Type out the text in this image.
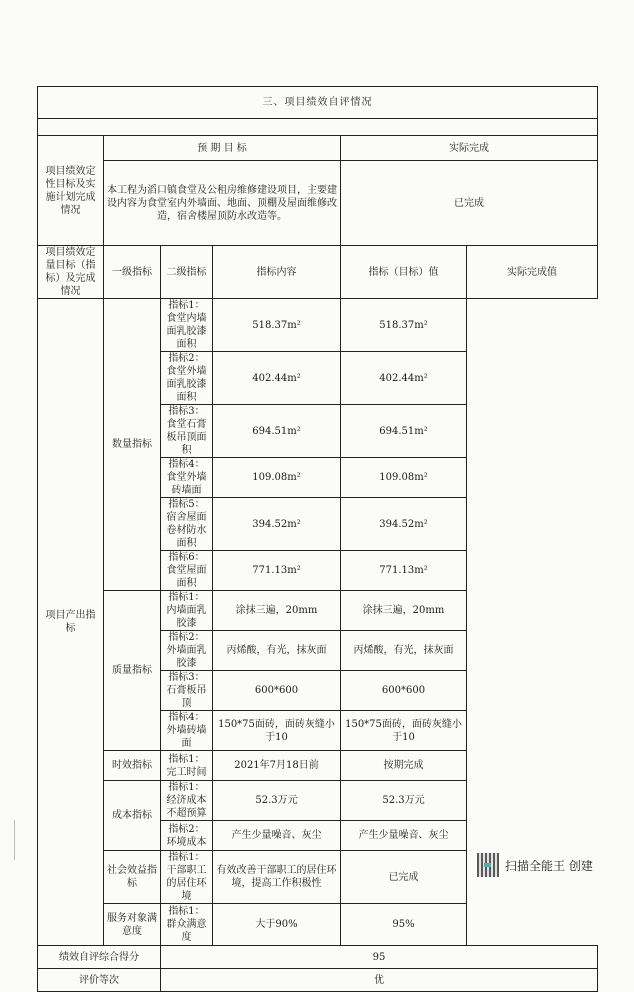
三、项目绩效自评情况					

项目绩效定性目标及实施计划完成情况	预 期 目 标			实际完成	
	本工程为滔口镇食堂及公租房维修建设项目，主要建设内容为食堂室内外墙面、地面、顶棚及屋面维修改造，宿舍楼屋顶防水改造等。			已完成	
项目绩效定量目标（指标）及完成情况	一级指标	二级指标	指标内容	指标（目标）值	实际完成值
项目产出指标	数量指标	指标1：食堂内墙面乳胶漆面积	518.37m²	518.37m²	
		指标2：食堂外墙面乳胶漆面积	402.44m²	402.44m²	
		指标3：食堂石膏板吊顶面积	694.51m²	694.51m²	
		指标4：食堂外墙砖墙面	109.08m²	109.08m²	
		指标5：宿舍屋面卷材防水面积	394.52m²	394.52m²	
		指标6：食堂屋面面积	771.13m²	771.13m²	
	质量指标	指标1：内墙面乳胶漆	涂抹三遍，20mm	涂抹三遍，20mm	
		指标2：外墙面乳胶漆	丙烯酸，有光，抹灰面	丙烯酸，有光，抹灰面	
		指标3：石膏板吊顶	600*600	600*600	
		指标4：外墙砖墙面	150*75面砖，面砖灰缝小于10	150*75面砖，面砖灰缝小于10	
	时效指标	指标1：完工时间	2021年7月18日前	按期完成	
	成本指标	指标1：经济成本不超预算	52.3万元	52.3万元	
		指标2：环境成本	产生少量噪音、灰尘	产生少量噪音、灰尘	
	社会效益指标	指标1：干部职工的居住环境	有效改善干部职工的居住环境，提高工作积极性	已完成	
	服务对象满意度	指标1：群众满意度	大于90%	95%	
绩效自评综合得分		95			
评价等次		优			
扫描全能王 创建
